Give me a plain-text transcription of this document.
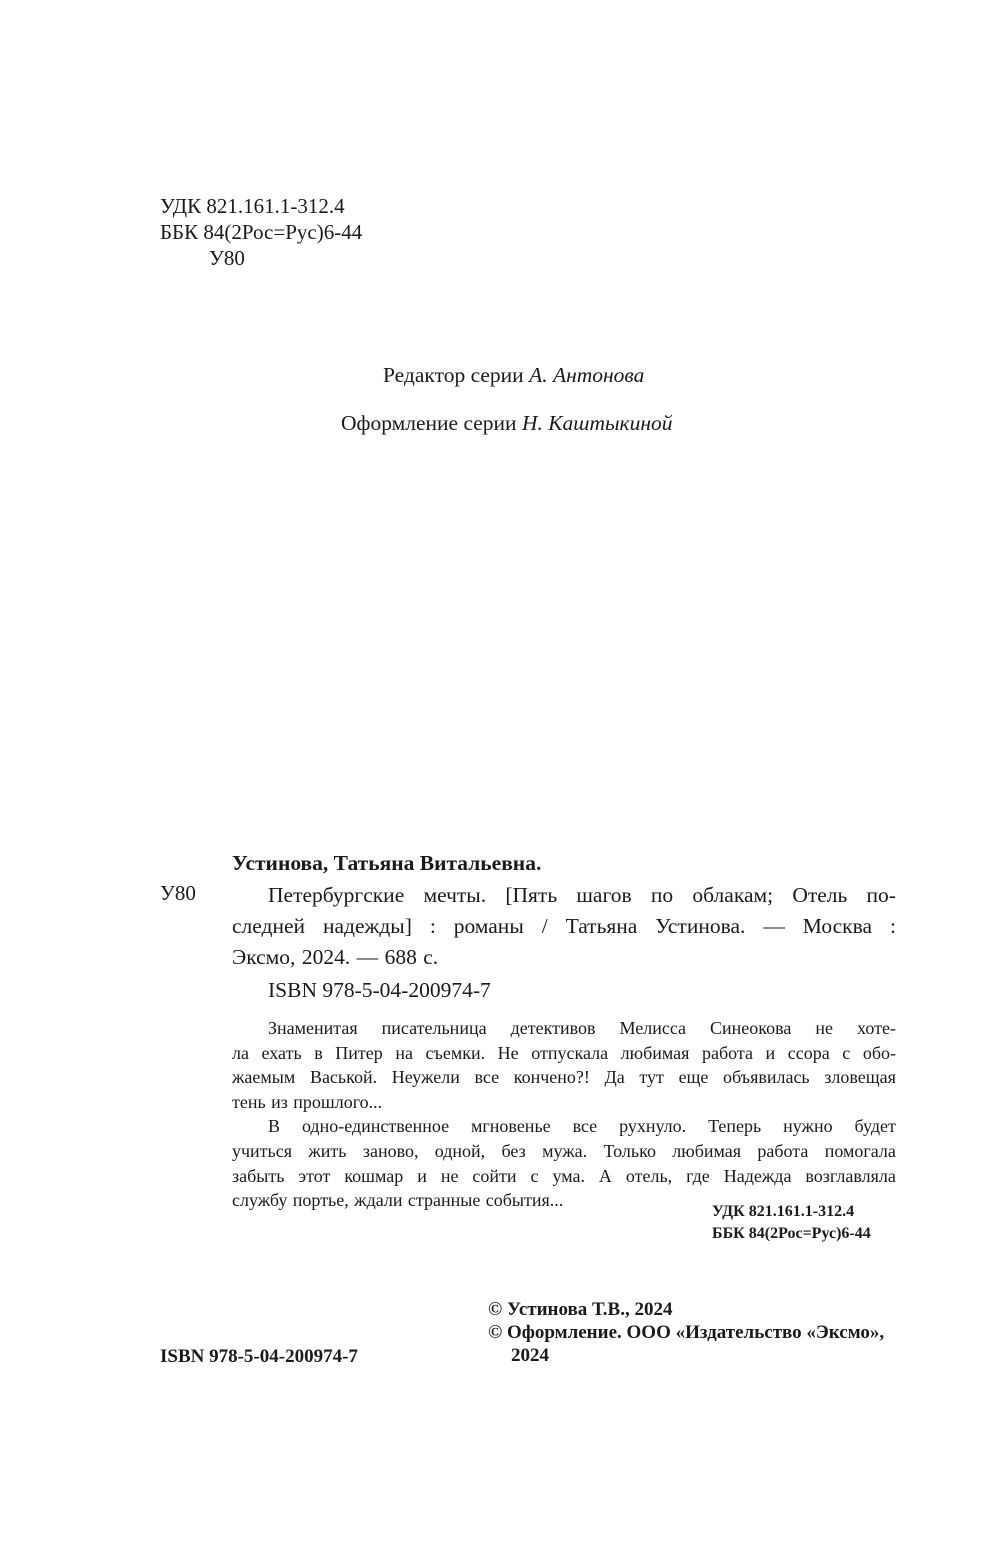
УДК 821.161.1-312.4
ББК 84(2Рос=Рус)6-44
У80
Редактор серии А. Антонова
Оформление серии Н. Каштыкиной
Устинова, Татьяна Витальевна.
У80	Петербургские мечты. [Пять шагов по облакам; Отель по-
следней надежды] : романы / Татьяна Устинова. — Москва :
Эксмо, 2024. — 688 с.
ISBN 978-5-04-200974-7
Знаменитая писательница детективов Мелисса Синеокова не хоте-
ла ехать в Питер на съемки. Не отпускала любимая работа и ссора с обо-
жаемым Васькой. Неужели все кончено?! Да тут еще объявилась зловещая
тень из прошлого...
В одно-единственное мгновенье все рухнуло. Теперь нужно будет
учиться жить заново, одной, без мужа. Только любимая работа помогала
забыть этот кошмар и не сойти с ума. А отель, где Надежда возглавляла
службу портье, ждали странные события...
УДК 821.161.1-312.4
ББК 84(2Рос=Рус)6-44
© Устинова Т.В., 2024
© Оформление. ООО «Издательство «Эксмо»,
2024
ISBN 978-5-04-200974-7
